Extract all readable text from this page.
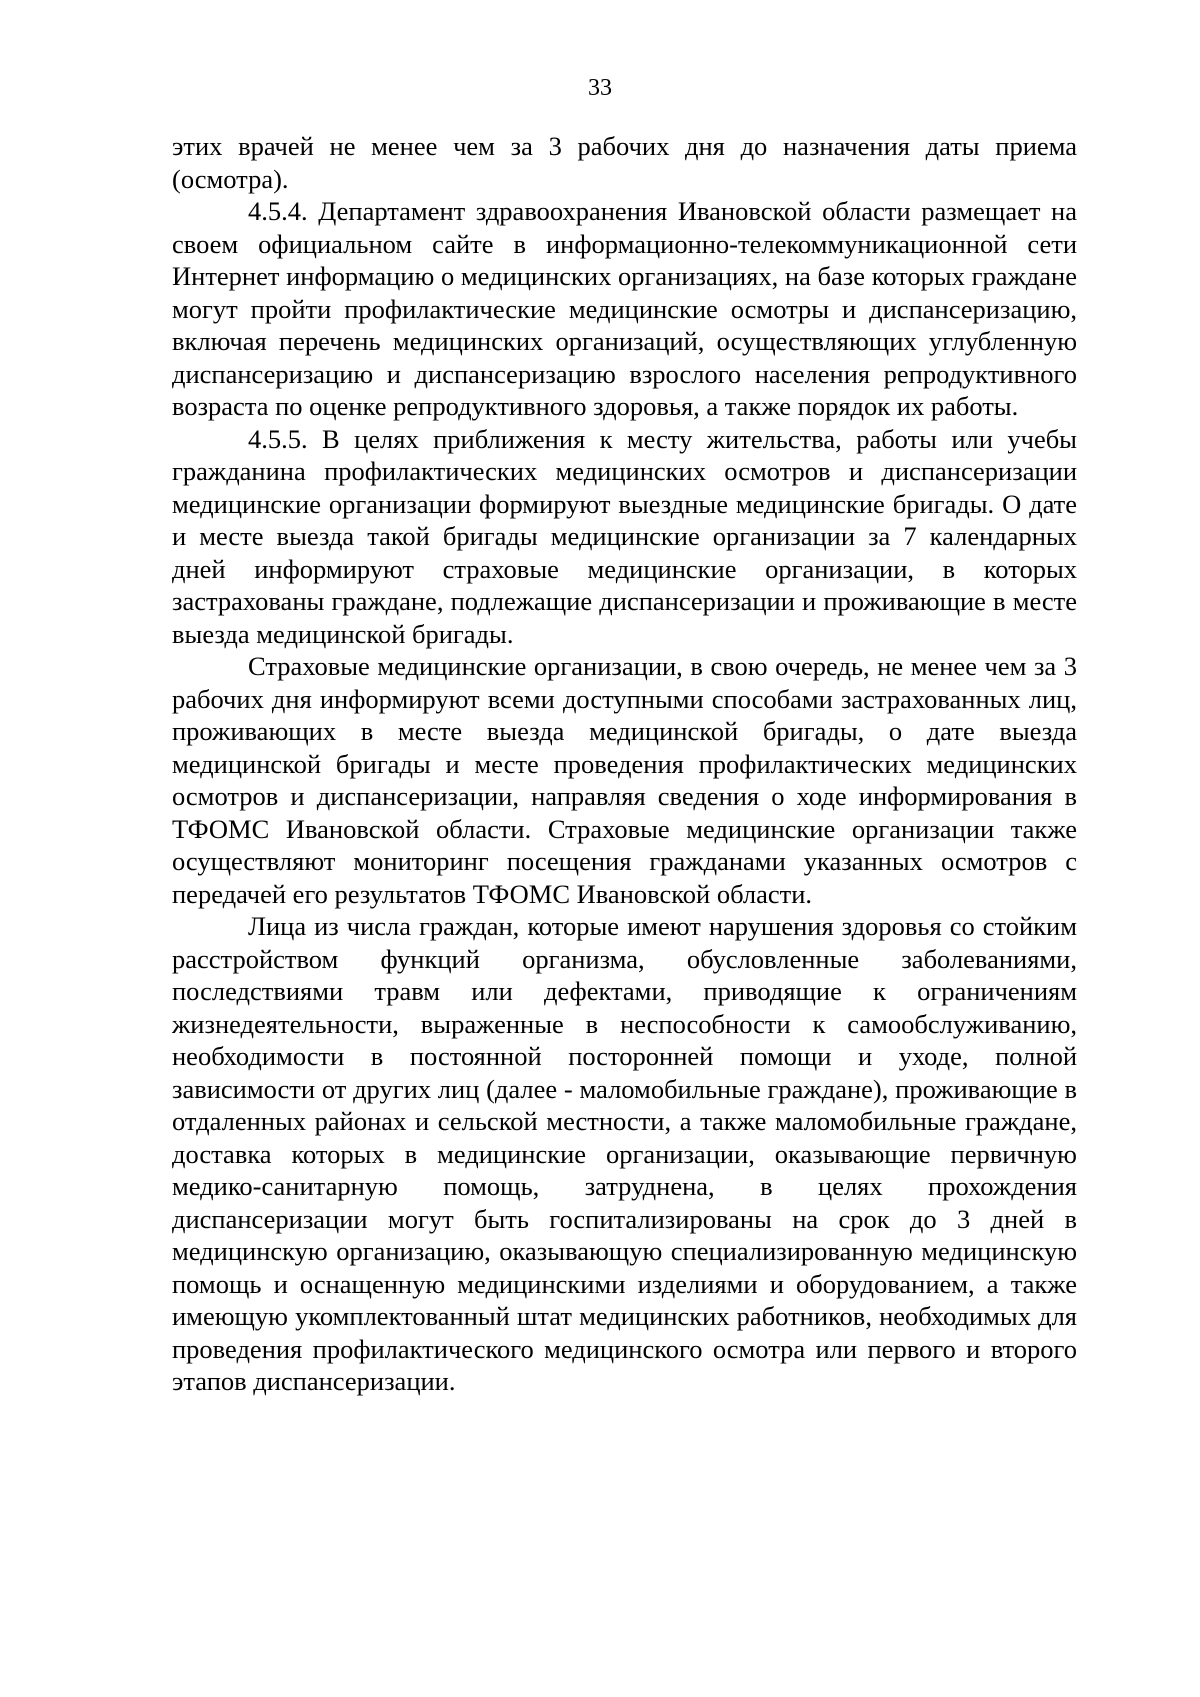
33

этих врачей не менее чем за 3 рабочих дня до назначения даты приема (осмотра).

4.5.4. Департамент здравоохранения Ивановской области размещает на своем официальном сайте в информационно-телекоммуникационной сети Интернет информацию о медицинских организациях, на базе которых граждане могут пройти профилактические медицинские осмотры и диспансеризацию, включая перечень медицинских организаций, осуществляющих углубленную диспансеризацию и диспансеризацию взрослого населения репродуктивного возраста по оценке репродуктивного здоровья, а также порядок их работы.

4.5.5. В целях приближения к месту жительства, работы или учебы гражданина профилактических медицинских осмотров и диспансеризации медицинские организации формируют выездные медицинские бригады. О дате и месте выезда такой бригады медицинские организации за 7 календарных дней информируют страховые медицинские организации, в которых застрахованы граждане, подлежащие диспансеризации и проживающие в месте выезда медицинской бригады.

Страховые медицинские организации, в свою очередь, не менее чем за 3 рабочих дня информируют всеми доступными способами застрахованных лиц, проживающих в месте выезда медицинской бригады, о дате выезда медицинской бригады и месте проведения профилактических медицинских осмотров и диспансеризации, направляя сведения о ходе информирования в ТФОМС Ивановской области. Страховые медицинские организации также осуществляют мониторинг посещения гражданами указанных осмотров с передачей его результатов ТФОМС Ивановской области.

Лица из числа граждан, которые имеют нарушения здоровья со стойким расстройством функций организма, обусловленные заболеваниями, последствиями травм или дефектами, приводящие к ограничениям жизнедеятельности, выраженные в неспособности к самообслуживанию, необходимости в постоянной посторонней помощи и уходе, полной зависимости от других лиц (далее - маломобильные граждане), проживающие в отдаленных районах и сельской местности, а также маломобильные граждане, доставка которых в медицинские организации, оказывающие первичную медико-санитарную помощь, затруднена, в целях прохождения диспансеризации могут быть госпитализированы на срок до 3 дней в медицинскую организацию, оказывающую специализированную медицинскую помощь и оснащенную медицинскими изделиями и оборудованием, а также имеющую укомплектованный штат медицинских работников, необходимых для проведения профилактического медицинского осмотра или первого и второго этапов диспансеризации.
